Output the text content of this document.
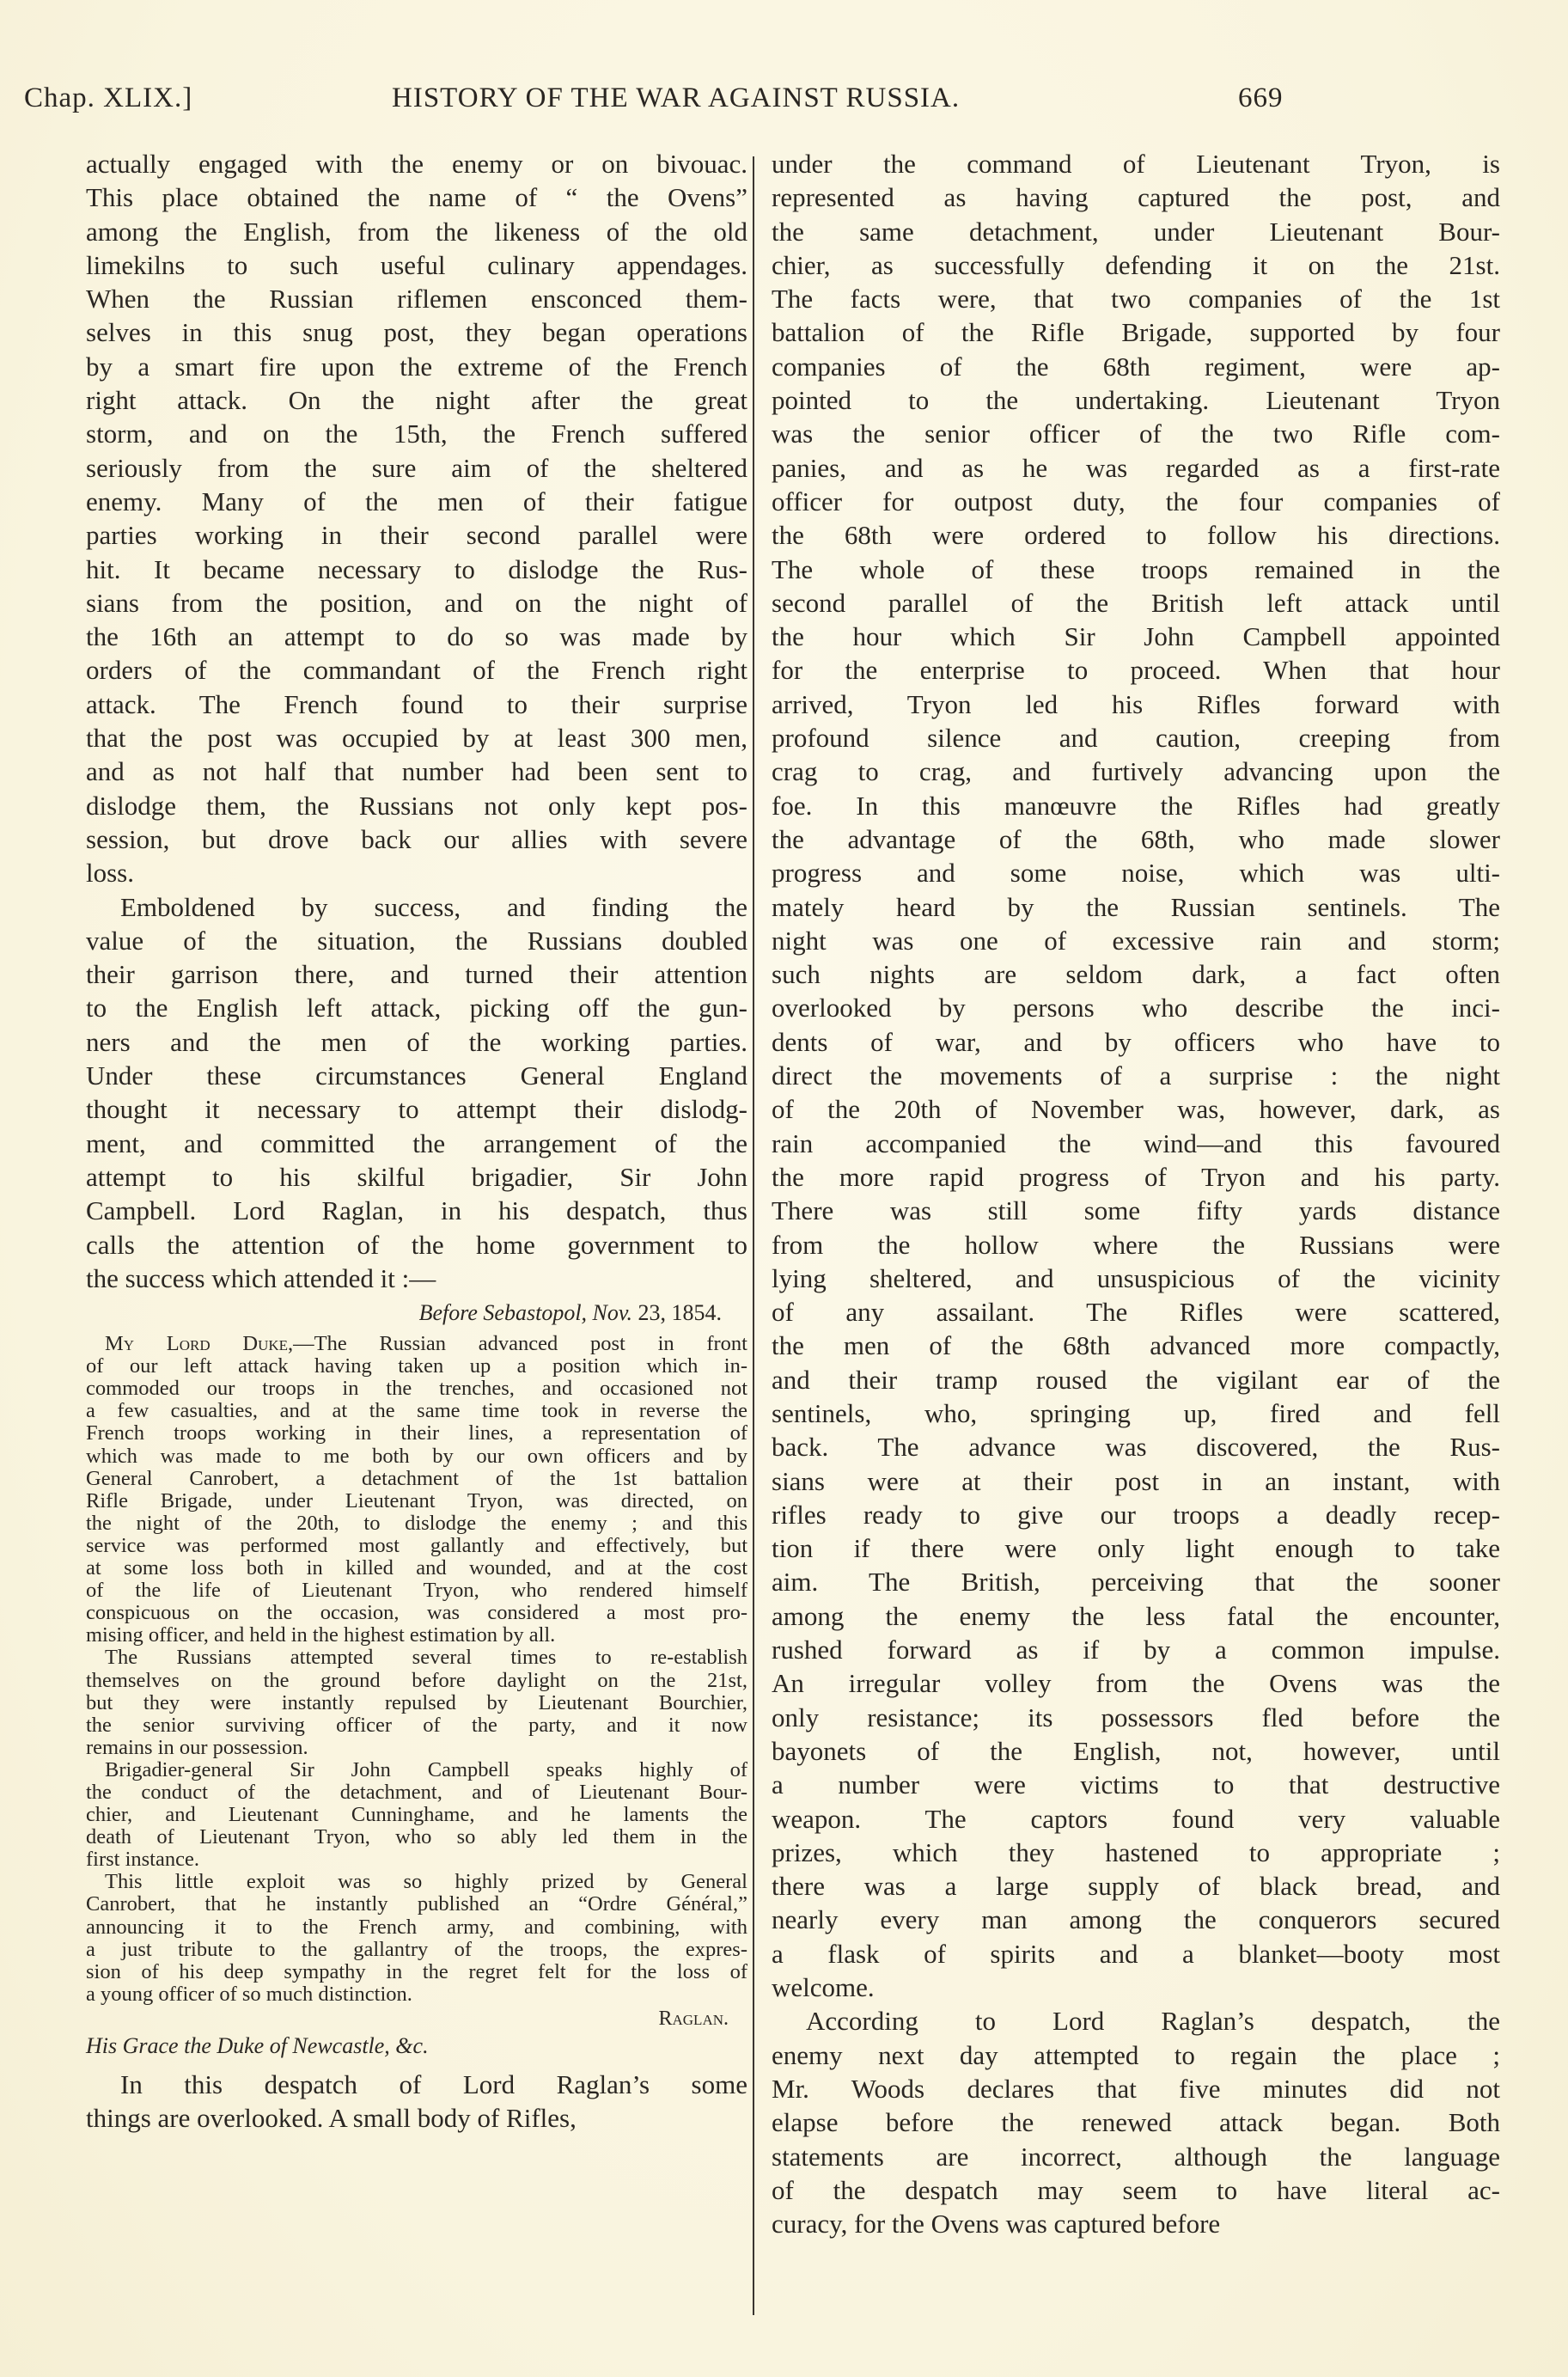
Chap. XLIX.]	HISTORY OF THE WAR AGAINST RUSSIA.	669
actually engaged with the enemy or on bivouac.
This place obtained the name of “ the Ovens”
among the English, from the likeness of the old
limekilns to such useful culinary appendages.
When the Russian riflemen ensconced them-
selves in this snug post, they began operations
by a smart fire upon the extreme of the French
right attack. On the night after the great
storm, and on the 15th, the French suffered
seriously from the sure aim of the sheltered
enemy. Many of the men of their fatigue
parties working in their second parallel were
hit. It became necessary to dislodge the Rus-
sians from the position, and on the night of
the 16th an attempt to do so was made by
orders of the commandant of the French right
attack. The French found to their surprise
that the post was occupied by at least 300 men,
and as not half that number had been sent to
dislodge them, the Russians not only kept pos-
session, but drove back our allies with severe
loss.
Emboldened by success, and finding the
value of the situation, the Russians doubled
their garrison there, and turned their attention
to the English left attack, picking off the gun-
ners and the men of the working parties.
Under these circumstances General England
thought it necessary to attempt their dislodg-
ment, and committed the arrangement of the
attempt to his skilful brigadier, Sir John
Campbell. Lord Raglan, in his despatch, thus
calls the attention of the home government to
the success which attended it :—
Before Sebastopol, Nov. 23, 1854.
My Lord Duke,—The Russian advanced post in front
of our left attack having taken up a position which in-
commoded our troops in the trenches, and occasioned not
a few casualties, and at the same time took in reverse the
French troops working in their lines, a representation of
which was made to me both by our own officers and by
General Canrobert, a detachment of the 1st battalion
Rifle Brigade, under Lieutenant Tryon, was directed, on
the night of the 20th, to dislodge the enemy ; and this
service was performed most gallantly and effectively, but
at some loss both in killed and wounded, and at the cost
of the life of Lieutenant Tryon, who rendered himself
conspicuous on the occasion, was considered a most pro-
mising officer, and held in the highest estimation by all.
The Russians attempted several times to re-establish
themselves on the ground before daylight on the 21st,
but they were instantly repulsed by Lieutenant Bourchier,
the senior surviving officer of the party, and it now
remains in our possession.
Brigadier-general Sir John Campbell speaks highly of
the conduct of the detachment, and of Lieutenant Bour-
chier, and Lieutenant Cunninghame, and he laments the
death of Lieutenant Tryon, who so ably led them in the
first instance.
This little exploit was so highly prized by General
Canrobert, that he instantly published an “Ordre Général,”
announcing it to the French army, and combining, with
a just tribute to the gallantry of the troops, the expres-
sion of his deep sympathy in the regret felt for the loss of
a young officer of so much distinction.
Raglan.
His Grace the Duke of Newcastle, &c.
In this despatch of Lord Raglan’s some
things are overlooked. A small body of Rifles,
under the command of Lieutenant Tryon, is
represented as having captured the post, and
the same detachment, under Lieutenant Bour-
chier, as successfully defending it on the 21st.
The facts were, that two companies of the 1st
battalion of the Rifle Brigade, supported by four
companies of the 68th regiment, were ap-
pointed to the undertaking. Lieutenant Tryon
was the senior officer of the two Rifle com-
panies, and as he was regarded as a first-rate
officer for outpost duty, the four companies of
the 68th were ordered to follow his directions.
The whole of these troops remained in the
second parallel of the British left attack until
the hour which Sir John Campbell appointed
for the enterprise to proceed. When that hour
arrived, Tryon led his Rifles forward with
profound silence and caution, creeping from
crag to crag, and furtively advancing upon the
foe. In this manœuvre the Rifles had greatly
the advantage of the 68th, who made slower
progress and some noise, which was ulti-
mately heard by the Russian sentinels. The
night was one of excessive rain and storm;
such nights are seldom dark, a fact often
overlooked by persons who describe the inci-
dents of war, and by officers who have to
direct the movements of a surprise : the night
of the 20th of November was, however, dark, as
rain accompanied the wind—and this favoured
the more rapid progress of Tryon and his party.
There was still some fifty yards distance
from the hollow where the Russians were
lying sheltered, and unsuspicious of the vicinity
of any assailant. The Rifles were scattered,
the men of the 68th advanced more compactly,
and their tramp roused the vigilant ear of the
sentinels, who, springing up, fired and fell
back. The advance was discovered, the Rus-
sians were at their post in an instant, with
rifles ready to give our troops a deadly recep-
tion if there were only light enough to take
aim. The British, perceiving that the sooner
among the enemy the less fatal the encounter,
rushed forward as if by a common impulse.
An irregular volley from the Ovens was the
only resistance; its possessors fled before the
bayonets of the English, not, however, until
a number were victims to that destructive
weapon. The captors found very valuable
prizes, which they hastened to appropriate ;
there was a large supply of black bread, and
nearly every man among the conquerors secured
a flask of spirits and a blanket—booty most
welcome.
According to Lord Raglan’s despatch, the
enemy next day attempted to regain the place ;
Mr. Woods declares that five minutes did not
elapse before the renewed attack began. Both
statements are incorrect, although the language
of the despatch may seem to have literal ac-
curacy, for the Ovens was captured before
